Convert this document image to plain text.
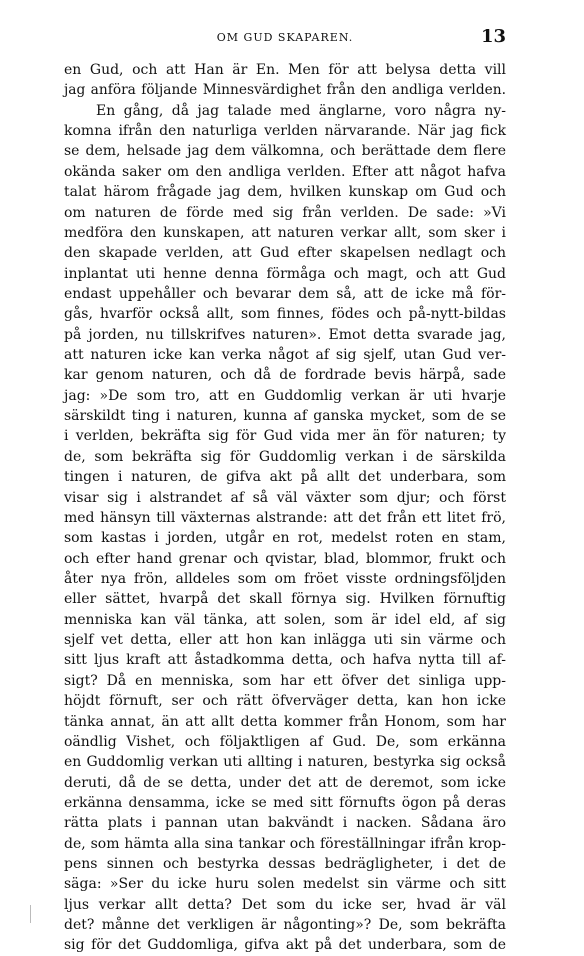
OM GUD SKAPAREN.	13
en Gud, och att Han är En. Men för att belysa detta vill
jag anföra följande Minnesvärdighet från den andliga verlden.
En gång, då jag talade med änglarne, voro några ny-
komna ifrån den naturliga verlden närvarande. När jag fick
se dem, helsade jag dem välkomna, och berättade dem flere
okända saker om den andliga verlden. Efter att något hafva
talat härom frågade jag dem, hvilken kunskap om Gud och
om naturen de förde med sig från verlden. De sade: »Vi
medföra den kunskapen, att naturen verkar allt, som sker i
den skapade verlden, att Gud efter skapelsen nedlagt och
inplantat uti henne denna förmåga och magt, och att Gud
endast uppehåller och bevarar dem så, att de icke må för-
gås, hvarför också allt, som finnes, födes och på-nytt-bildas
på jorden, nu tillskrifves naturen». Emot detta svarade jag,
att naturen icke kan verka något af sig sjelf, utan Gud ver-
kar genom naturen, och då de fordrade bevis härpå, sade
jag: »De som tro, att en Guddomlig verkan är uti hvarje
särskildt ting i naturen, kunna af ganska mycket, som de se
i verlden, bekräfta sig för Gud vida mer än för naturen; ty
de, som bekräfta sig för Guddomlig verkan i de särskilda
tingen i naturen, de gifva akt på allt det underbara, som
visar sig i alstrandet af så väl växter som djur; och först
med hänsyn till växternas alstrande: att det från ett litet frö,
som kastas i jorden, utgår en rot, medelst roten en stam,
och efter hand grenar och qvistar, blad, blommor, frukt och
åter nya frön, alldeles som om fröet visste ordningsföljden
eller sättet, hvarpå det skall förnya sig. Hvilken förnuftig
menniska kan väl tänka, att solen, som är idel eld, af sig
sjelf vet detta, eller att hon kan inlägga uti sin värme och
sitt ljus kraft att åstadkomma detta, och hafva nytta till af-
sigt? Då en menniska, som har ett öfver det sinliga upp-
höjdt förnuft, ser och rätt öfverväger detta, kan hon icke
tänka annat, än att allt detta kommer från Honom, som har
oändlig Vishet, och följaktligen af Gud. De, som erkänna
en Guddomlig verkan uti allting i naturen, bestyrka sig också
deruti, då de se detta, under det att de deremot, som icke
erkänna densamma, icke se med sitt förnufts ögon på deras
rätta plats i pannan utan bakvändt i nacken. Sådana äro
de, som hämta alla sina tankar och föreställningar ifrån krop-
pens sinnen och bestyrka dessas bedrägligheter, i det de
säga: »Ser du icke huru solen medelst sin värme och sitt
ljus verkar allt detta? Det som du icke ser, hvad är väl
det? månne det verkligen är någonting»? De, som bekräfta
sig för det Guddomliga, gifva akt på det underbara, som de
